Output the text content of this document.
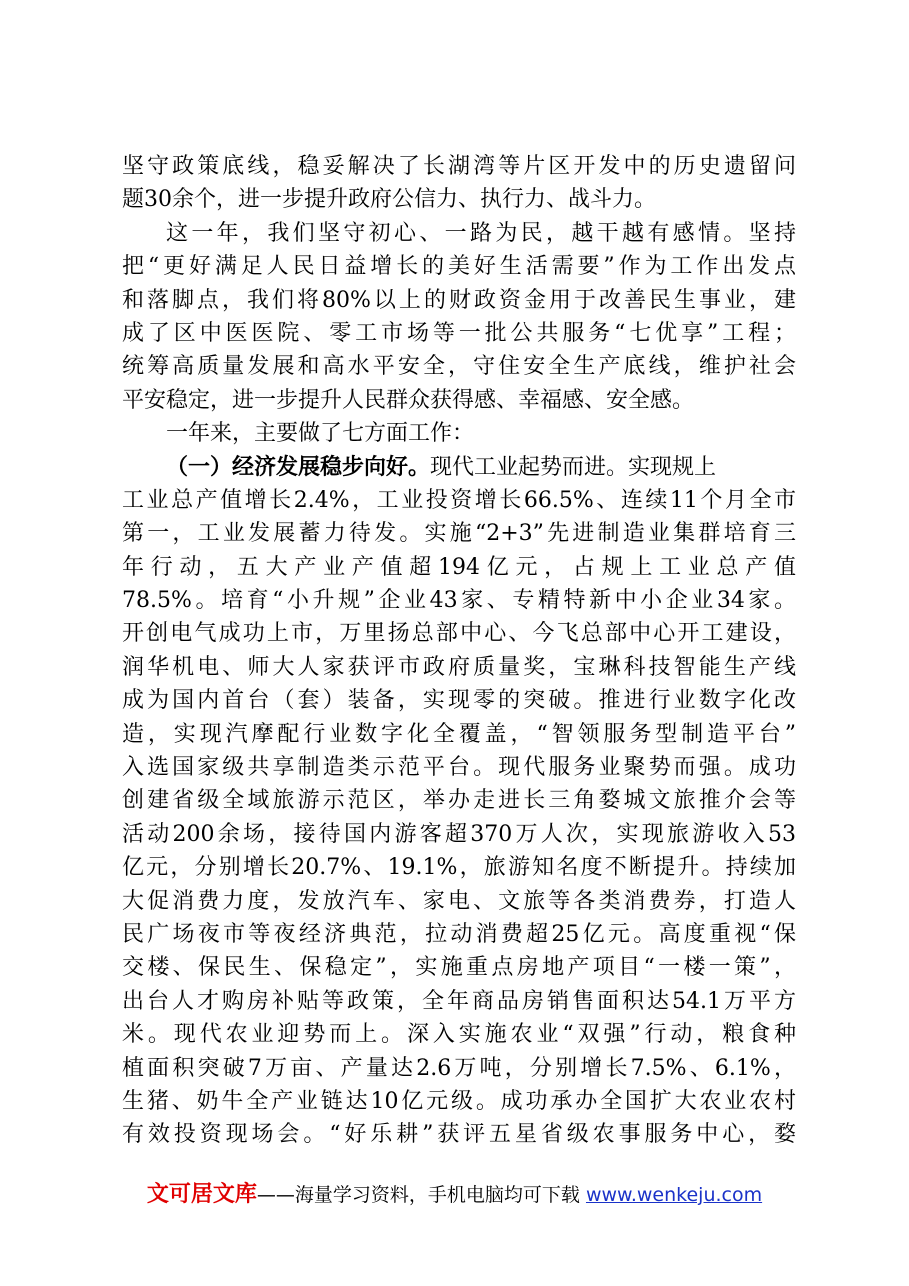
坚守政策底线，稳妥解决了长湖湾等片区开发中的历史遗留问
题30余个，进一步提升政府公信力、执行力、战斗力。
这一年，我们坚守初心、一路为民，越干越有感情。坚持
把“更好满足人民日益增长的美好生活需要”作为工作出发点
和落脚点，我们将80%以上的财政资金用于改善民生事业，建
成了区中医医院、零工市场等一批公共服务“七优享”工程；
统筹高质量发展和高水平安全，守住安全生产底线，维护社会
平安稳定，进一步提升人民群众获得感、幸福感、安全感。
一年来，主要做了七方面工作：
（一）经济发展稳步向好。现代工业起势而进。实现规上
工业总产值增长2.4%，工业投资增长66.5%、连续11个月全市
第一，工业发展蓄力待发。实施“2+3”先进制造业集群培育三
年行动，五大产业产值超194亿元，占规上工业总产值
78.5%。培育“小升规”企业43家、专精特新中小企业34家。
开创电气成功上市，万里扬总部中心、今飞总部中心开工建设，
润华机电、师大人家获评市政府质量奖，宝琳科技智能生产线
成为国内首台（套）装备，实现零的突破。推进行业数字化改
造，实现汽摩配行业数字化全覆盖，“智领服务型制造平台”
入选国家级共享制造类示范平台。现代服务业聚势而强。成功
创建省级全域旅游示范区，举办走进长三角婺城文旅推介会等
活动200余场，接待国内游客超370万人次，实现旅游收入53
亿元，分别增长20.7%、19.1%，旅游知名度不断提升。持续加
大促消费力度，发放汽车、家电、文旅等各类消费券，打造人
民广场夜市等夜经济典范，拉动消费超25亿元。高度重视“保
交楼、保民生、保稳定”，实施重点房地产项目“一楼一策”，
出台人才购房补贴等政策，全年商品房销售面积达54.1万平方
米。现代农业迎势而上。深入实施农业“双强”行动，粮食种
植面积突破7万亩、产量达2.6万吨，分别增长7.5%、6.1%，
生猪、奶牛全产业链达10亿元级。成功承办全国扩大农业农村
有效投资现场会。“好乐耕”获评五星省级农事服务中心，婺
文可居文库——海量学习资料，手机电脑均可下载 www.wenkeju.com
